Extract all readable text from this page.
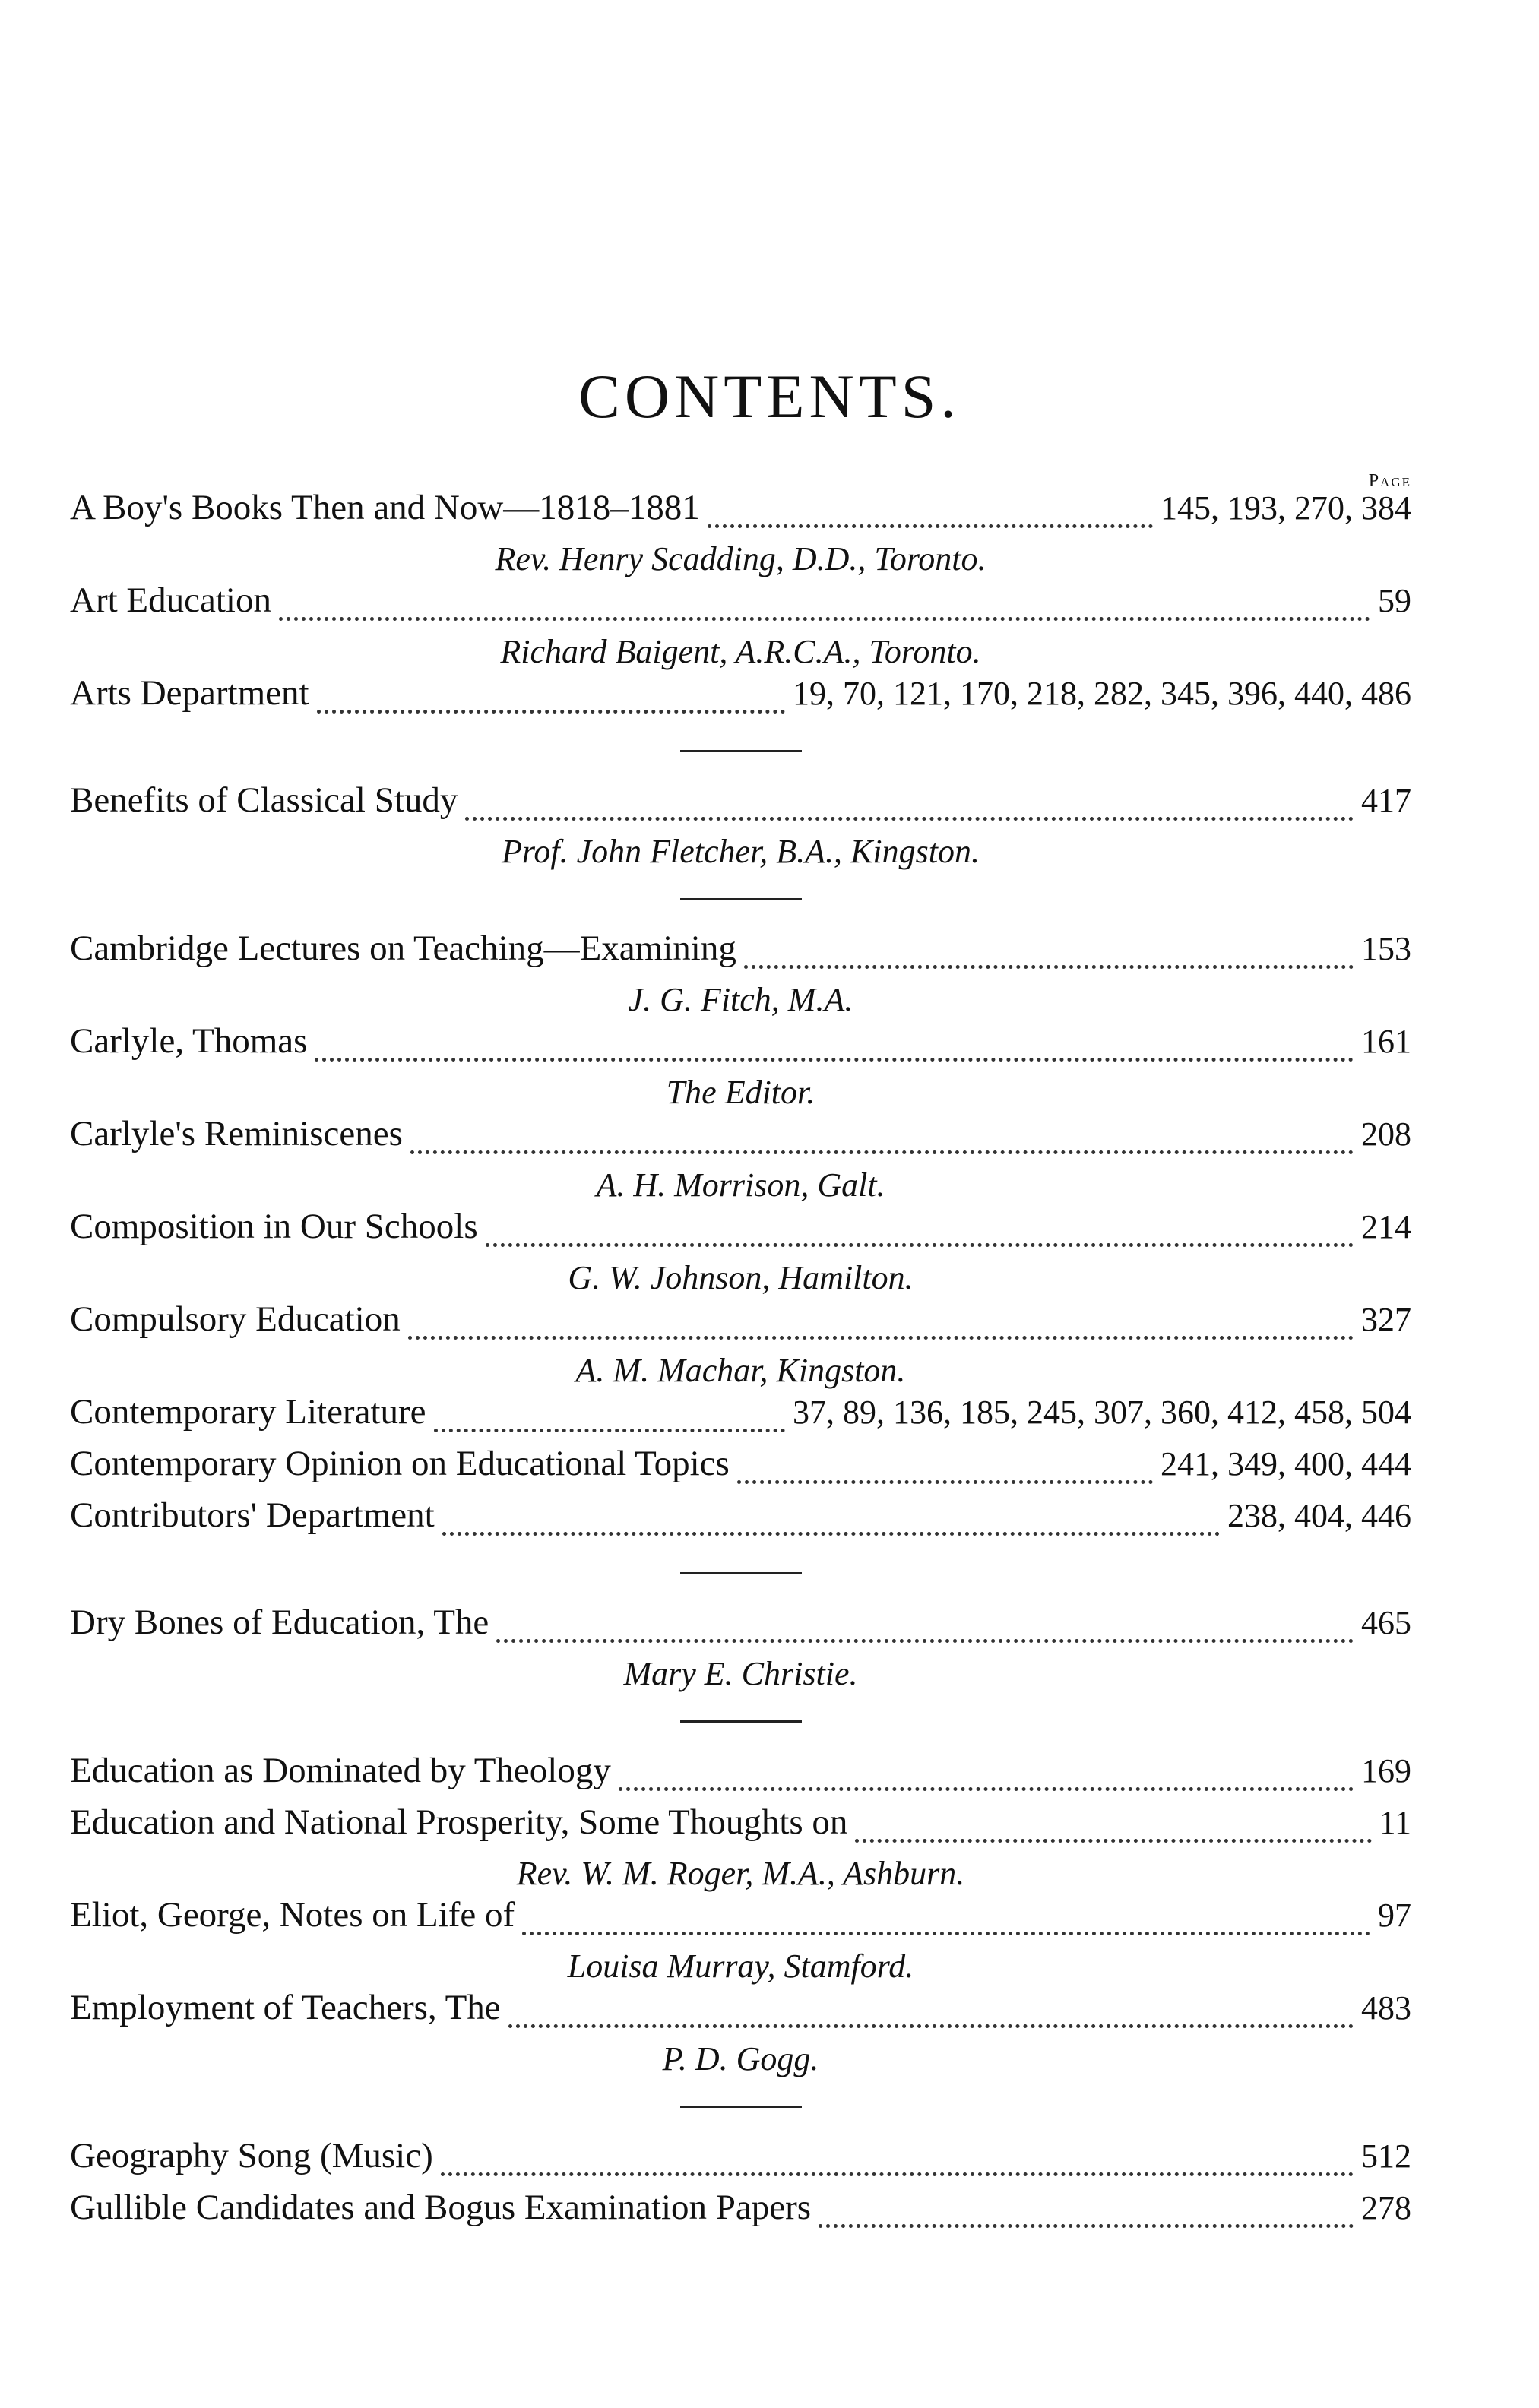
CONTENTS.
Page
A Boy's Books Then and Now—1818–1881	145, 193, 270, 384
Rev. Henry Scadding, D.D., Toronto.
Art Education	59
Richard Baigent, A.R.C.A., Toronto.
Arts Department	19, 70, 121, 170, 218, 282, 345, 396, 440, 486
Benefits of Classical Study	417
Prof. John Fletcher, B.A., Kingston.
Cambridge Lectures on Teaching—Examining	153
J. G. Fitch, M.A.
Carlyle, Thomas	161
The Editor.
Carlyle's Reminiscenes	208
A. H. Morrison, Galt.
Composition in Our Schools	214
G. W. Johnson, Hamilton.
Compulsory Education	327
A. M. Machar, Kingston.
Contemporary Literature	37, 89, 136, 185, 245, 307, 360, 412, 458, 504
Contemporary Opinion on Educational Topics	241, 349, 400, 444
Contributors' Department	238, 404, 446
Dry Bones of Education, The	465
Mary E. Christie.
Education as Dominated by Theology	169
Education and National Prosperity, Some Thoughts on	11
Rev. W. M. Roger, M.A., Ashburn.
Eliot, George, Notes on Life of	97
Louisa Murray, Stamford.
Employment of Teachers, The	483
P. D. Gogg.
Geography Song (Music)	512
Gullible Candidates and Bogus Examination Papers	278
